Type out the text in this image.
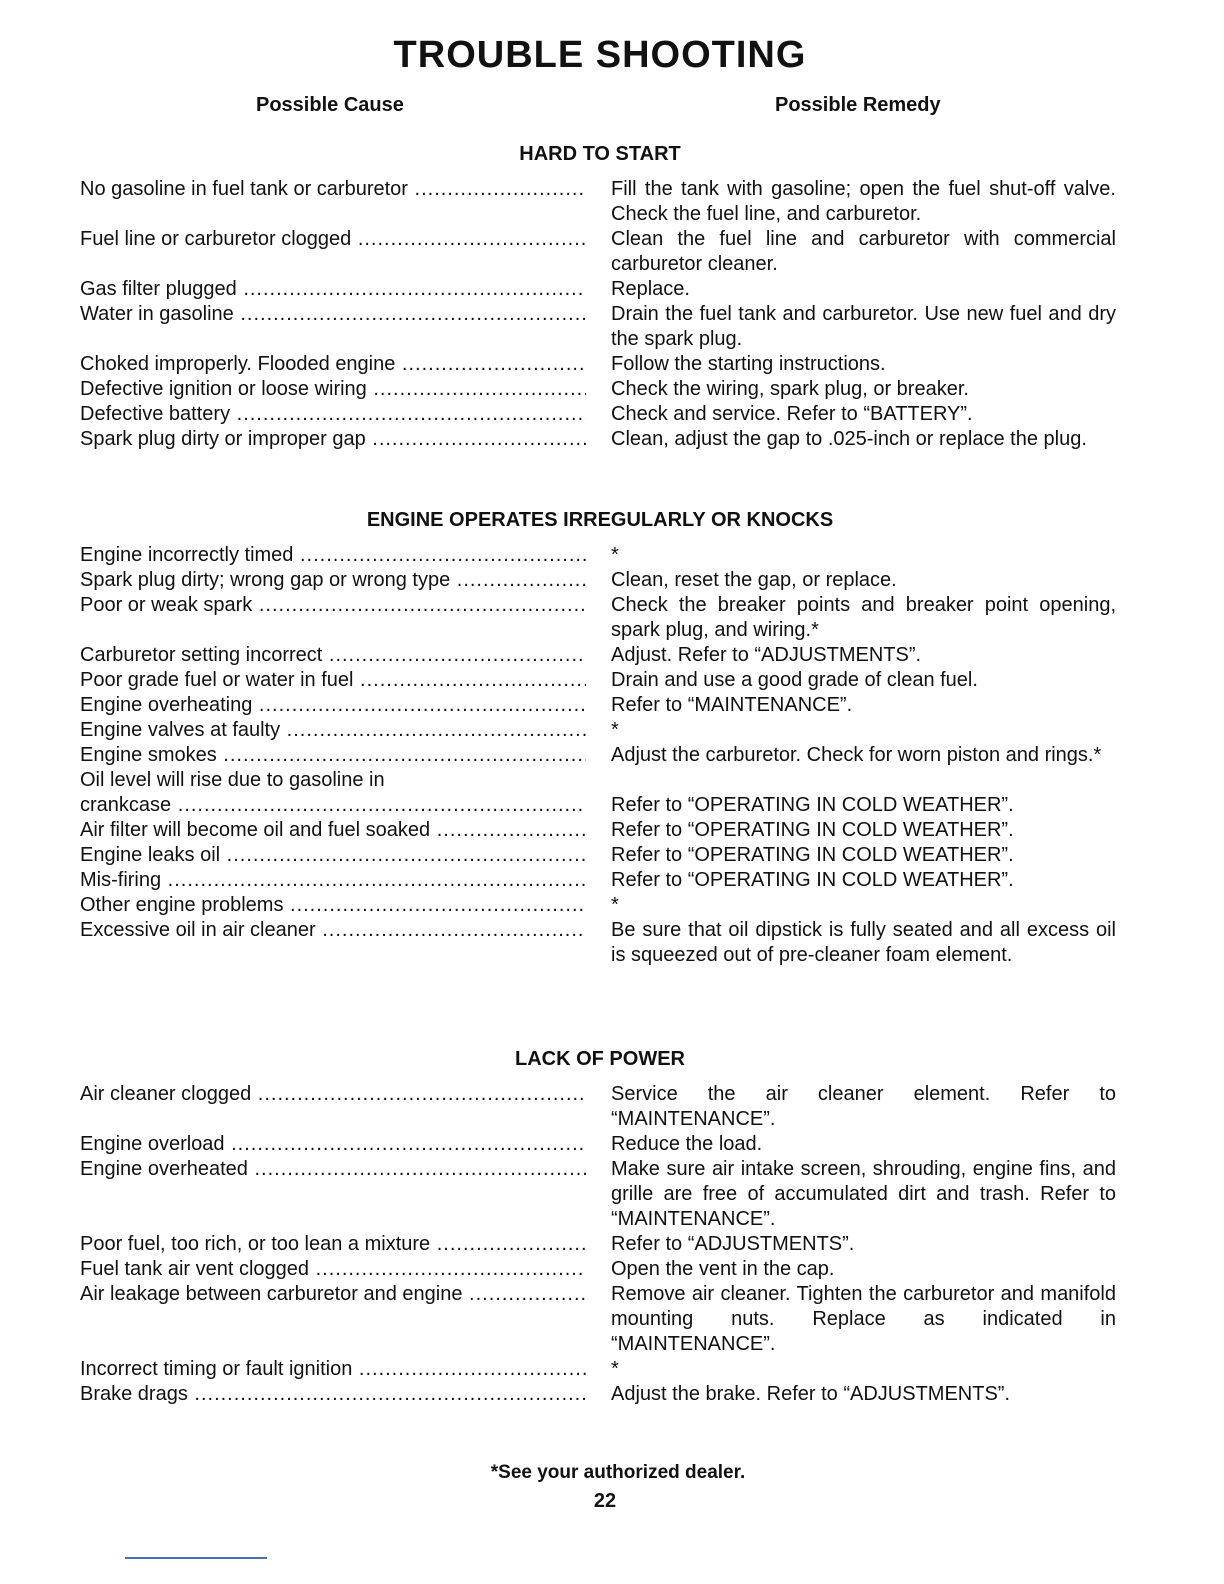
TROUBLE SHOOTING
Possible Cause	Possible Remedy
HARD TO START
No gasoline in fuel tank or carburetor .....	Fill the tank with gasoline; open the fuel shut-off valve. Check the fuel line, and carburetor.
Fuel line or carburetor clogged .....	Clean the fuel line and carburetor with commercial carburetor cleaner.
Gas filter plugged .....	Replace.
Water in gasoline .....	Drain the fuel tank and carburetor. Use new fuel and dry the spark plug.
Choked improperly. Flooded engine .....	Follow the starting instructions.
Defective ignition or loose wiring .....	Check the wiring, spark plug, or breaker.
Defective battery .....	Check and service. Refer to “BATTERY”.
Spark plug dirty or improper gap .....	Clean, adjust the gap to .025-inch or replace the plug.
ENGINE OPERATES IRREGULARLY OR KNOCKS
Engine incorrectly timed .....	*
Spark plug dirty; wrong gap or wrong type .....	Clean, reset the gap, or replace.
Poor or weak spark .....	Check the breaker points and breaker point opening, spark plug, and wiring.*
Carburetor setting incorrect .....	Adjust. Refer to “ADJUSTMENTS”.
Poor grade fuel or water in fuel .....	Drain and use a good grade of clean fuel.
Engine overheating .....	Refer to “MAINTENANCE”.
Engine valves at faulty .....	*
Engine smokes .....	Adjust the carburetor. Check for worn piston and rings.*
Oil level will rise due to gasoline in
crankcase .....	Refer to “OPERATING IN COLD WEATHER”.
Air filter will become oil and fuel soaked .....	Refer to “OPERATING IN COLD WEATHER”.
Engine leaks oil .....	Refer to “OPERATING IN COLD WEATHER”.
Mis-firing .....	Refer to “OPERATING IN COLD WEATHER”.
Other engine problems .....	*
Excessive oil in air cleaner .....	Be sure that oil dipstick is fully seated and all excess oil is squeezed out of pre-cleaner foam element.
LACK OF POWER
Air cleaner clogged .....	Service the air cleaner element. Refer to “MAINTENANCE”.
Engine overload .....	Reduce the load.
Engine overheated .....	Make sure air intake screen, shrouding, engine fins, and grille are free of accumulated dirt and trash. Refer to “MAINTENANCE”.
Poor fuel, too rich, or too lean a mixture .....	Refer to “ADJUSTMENTS”.
Fuel tank air vent clogged .....	Open the vent in the cap.
Air leakage between carburetor and engine .....	Remove air cleaner. Tighten the carburetor and manifold mounting nuts. Replace as indicated in “MAINTENANCE”.
Incorrect timing or fault ignition .....	*
Brake drags .....	Adjust the brake. Refer to “ADJUSTMENTS”.
*See your authorized dealer.
22
